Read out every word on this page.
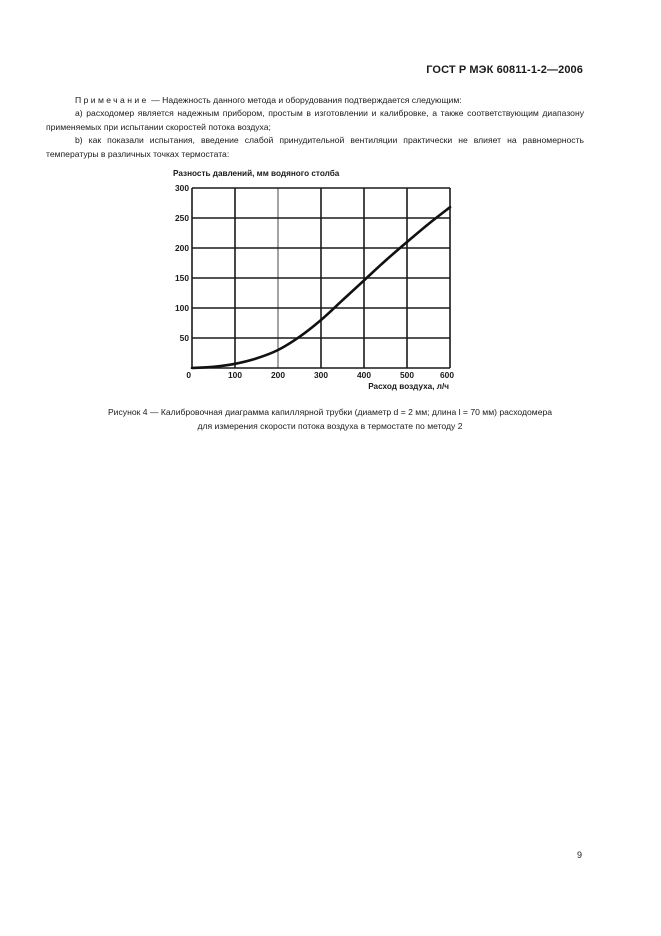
ГОСТ Р МЭК 60811-1-2—2006

Примечание — Надежность данного метода и оборудования подтверждается следующим:

a) расходомер является надежным прибором, простым в изготовлении и калибровке, а также соответствующим диапазону применяемых при испытании скоростей потока воздуха;

b) как показали испытания, введение слабой принудительной вентиляции практически не влияет на равномерность температуры в различных точках термостата:

0	100	200	300	400	500	600
50
100
150
200
250
300
Разность давлений, мм водяного столба
Расход воздуха, л/ч
Рисунок 4 — Калибровочная диаграмма капиллярной трубки (диаметр d = 2 мм; длина l = 70 мм) расходомера
для измерения скорости потока воздуха в термостате по методу 2
9
